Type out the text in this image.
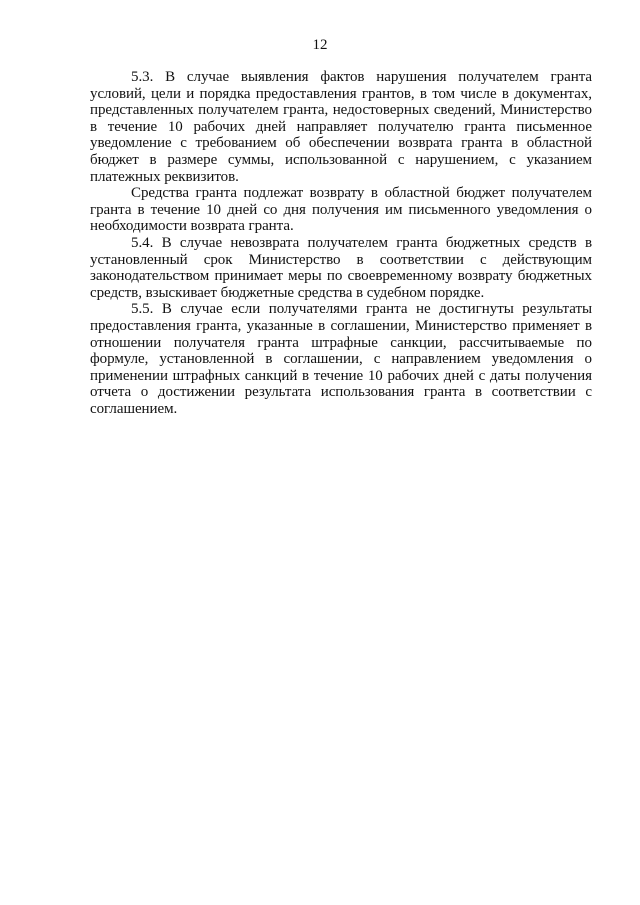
12

5.3. В случае выявления фактов нарушения получателем гранта условий, цели и порядка предоставления грантов, в том числе в документах, представленных получателем гранта, недостоверных сведений, Министерство в течение 10 рабочих дней направляет получателю гранта письменное уведомление с требованием об обеспечении возврата гранта в областной бюджет в размере суммы, использованной с нарушением, с указанием платежных реквизитов.

Средства гранта подлежат возврату в областной бюджет получателем гранта в течение 10 дней со дня получения им письменного уведомления о необходимости возврата гранта.

5.4. В случае невозврата получателем гранта бюджетных средств в установленный срок Министерство в соответствии с действующим законодательством принимает меры по своевременному возврату бюджетных средств, взыскивает бюджетные средства в судебном порядке.

5.5. В случае если получателями гранта не достигнуты результаты предоставления гранта, указанные в соглашении, Министерство применяет в отношении получателя гранта штрафные санкции, рассчитываемые по формуле, установленной в соглашении, с направлением уведомления о применении штрафных санкций в течение 10 рабочих дней с даты получения отчета о достижении результата использования гранта в соответствии с соглашением.
